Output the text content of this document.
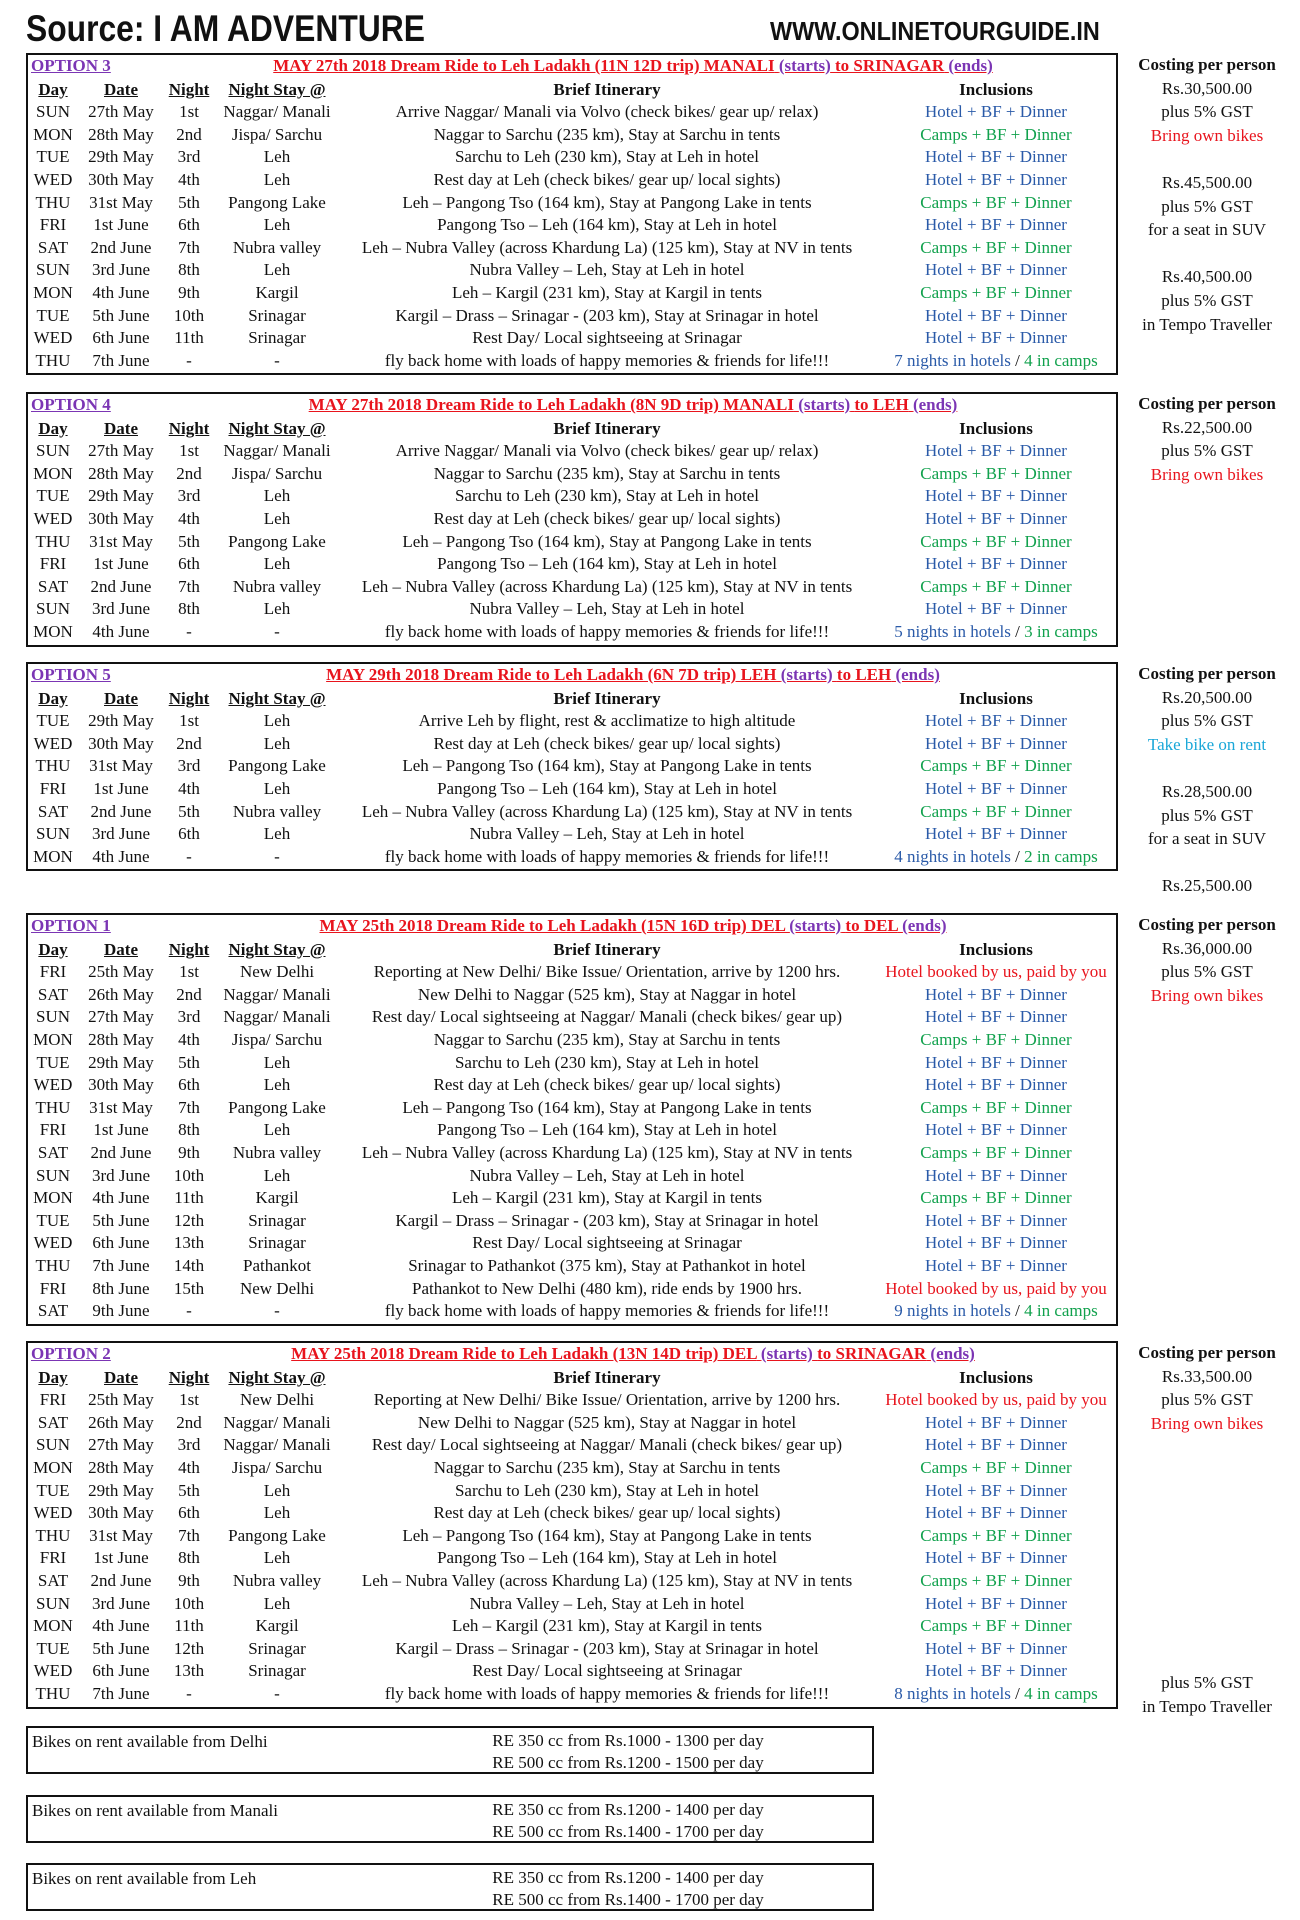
Source: I AM ADVENTURE	WWW.ONLINETOURGUIDE.IN
OPTION 3	MAY 27th 2018 Dream Ride to Leh Ladakh (11N 12D trip) MANALI (starts) to SRINAGAR (ends)
Day	Date	Night	Night Stay @	Brief Itinerary	Inclusions
SUN	27th May	1st	Naggar/ Manali	Arrive Naggar/ Manali via Volvo (check bikes/ gear up/ relax)	Hotel + BF + Dinner
MON 28th May	2nd	Jispa/ Sarchu	Naggar to Sarchu (235 km), Stay at Sarchu in tents	Camps + BF + Dinner
TUE	29th May	3rd	Leh	Sarchu to Leh (230 km), Stay at Leh in hotel	Hotel + BF + Dinner
WED 30th May	4th	Leh	Rest day at Leh (check bikes/ gear up/ local sights)	Hotel + BF + Dinner
THU	31st May	5th	Pangong Lake	Leh – Pangong Tso (164 km), Stay at Pangong Lake in tents	Camps + BF + Dinner
FRI	1st June	6th	Leh	Pangong Tso – Leh (164 km), Stay at Leh in hotel	Hotel + BF + Dinner
SAT	2nd June	7th	Nubra valley	Leh – Nubra Valley (across Khardung La) (125 km), Stay at NV in tents	Camps + BF + Dinner
SUN	3rd June	8th	Leh	Nubra Valley – Leh, Stay at Leh in hotel	Hotel + BF + Dinner
MON	4th June	9th	Kargil	Leh – Kargil (231 km), Stay at Kargil in tents	Camps + BF + Dinner
TUE	5th June	10th	Srinagar	Kargil – Drass – Srinagar - (203 km), Stay at Srinagar in hotel	Hotel + BF + Dinner
WED	6th June	11th	Srinagar	Rest Day/ Local sightseeing at Srinagar	Hotel + BF + Dinner
THU	7th June	-	-	fly back home with loads of happy memories & friends for life!!!	7 nights in hotels / 4 in camps
Costing per person
Rs.30,500.00
plus 5% GST
Bring own bikes
Rs.45,500.00
plus 5% GST
for a seat in SUV
Rs.40,500.00
plus 5% GST
in Tempo Traveller
OPTION 4	MAY 27th 2018 Dream Ride to Leh Ladakh (8N 9D trip) MANALI (starts) to LEH (ends)
Day	Date	Night	Night Stay @	Brief Itinerary	Inclusions
SUN	27th May	1st	Naggar/ Manali	Arrive Naggar/ Manali via Volvo (check bikes/ gear up/ relax)	Hotel + BF + Dinner
MON 28th May	2nd	Jispa/ Sarchu	Naggar to Sarchu (235 km), Stay at Sarchu in tents	Camps + BF + Dinner
TUE	29th May	3rd	Leh	Sarchu to Leh (230 km), Stay at Leh in hotel	Hotel + BF + Dinner
WED 30th May	4th	Leh	Rest day at Leh (check bikes/ gear up/ local sights)	Hotel + BF + Dinner
THU	31st May	5th	Pangong Lake	Leh – Pangong Tso (164 km), Stay at Pangong Lake in tents	Camps + BF + Dinner
FRI	1st June	6th	Leh	Pangong Tso – Leh (164 km), Stay at Leh in hotel	Hotel + BF + Dinner
SAT	2nd June	7th	Nubra valley	Leh – Nubra Valley (across Khardung La) (125 km), Stay at NV in tents	Camps + BF + Dinner
SUN	3rd June	8th	Leh	Nubra Valley – Leh, Stay at Leh in hotel	Hotel + BF + Dinner
MON	4th June	-	-	fly back home with loads of happy memories & friends for life!!!	5 nights in hotels / 3 in camps
Costing per person
Rs.22,500.00
plus 5% GST
Bring own bikes
OPTION 5	MAY 29th 2018 Dream Ride to Leh Ladakh (6N 7D trip) LEH (starts) to LEH (ends)
Day	Date	Night	Night Stay @	Brief Itinerary	Inclusions
TUE	29th May	1st	Leh	Arrive Leh by flight, rest & acclimatize to high altitude	Hotel + BF + Dinner
WED 30th May	2nd	Leh	Rest day at Leh (check bikes/ gear up/ local sights)	Hotel + BF + Dinner
THU	31st May	3rd	Pangong Lake	Leh – Pangong Tso (164 km), Stay at Pangong Lake in tents	Camps + BF + Dinner
FRI	1st June	4th	Leh	Pangong Tso – Leh (164 km), Stay at Leh in hotel	Hotel + BF + Dinner
SAT	2nd June	5th	Nubra valley	Leh – Nubra Valley (across Khardung La) (125 km), Stay at NV in tents	Camps + BF + Dinner
SUN	3rd June	6th	Leh	Nubra Valley – Leh, Stay at Leh in hotel	Hotel + BF + Dinner
MON	4th June	-	-	fly back home with loads of happy memories & friends for life!!!	4 nights in hotels / 2 in camps
Costing per person
Rs.20,500.00
plus 5% GST
Take bike on rent
Rs.28,500.00
plus 5% GST
for a seat in SUV
Rs.25,500.00
OPTION 1	MAY 25th 2018 Dream Ride to Leh Ladakh (15N 16D trip) DEL (starts) to DEL (ends)
Day	Date	Night	Night Stay @	Brief Itinerary	Inclusions
FRI	25th May	1st	New Delhi	Reporting at New Delhi/ Bike Issue/ Orientation, arrive by 1200 hrs.	Hotel booked by us, paid by you
SAT	26th May	2nd	Naggar/ Manali	New Delhi to Naggar (525 km), Stay at Naggar in hotel	Hotel + BF + Dinner
SUN	27th May	3rd	Naggar/ Manali	Rest day/ Local sightseeing at Naggar/ Manali (check bikes/ gear up)	Hotel + BF + Dinner
MON 28th May	4th	Jispa/ Sarchu	Naggar to Sarchu (235 km), Stay at Sarchu in tents	Camps + BF + Dinner
TUE	29th May	5th	Leh	Sarchu to Leh (230 km), Stay at Leh in hotel	Hotel + BF + Dinner
WED 30th May	6th	Leh	Rest day at Leh (check bikes/ gear up/ local sights)	Hotel + BF + Dinner
THU	31st May	7th	Pangong Lake	Leh – Pangong Tso (164 km), Stay at Pangong Lake in tents	Camps + BF + Dinner
FRI	1st June	8th	Leh	Pangong Tso – Leh (164 km), Stay at Leh in hotel	Hotel + BF + Dinner
SAT	2nd June	9th	Nubra valley	Leh – Nubra Valley (across Khardung La) (125 km), Stay at NV in tents	Camps + BF + Dinner
SUN	3rd June	10th	Leh	Nubra Valley – Leh, Stay at Leh in hotel	Hotel + BF + Dinner
MON	4th June	11th	Kargil	Leh – Kargil (231 km), Stay at Kargil in tents	Camps + BF + Dinner
TUE	5th June	12th	Srinagar	Kargil – Drass – Srinagar - (203 km), Stay at Srinagar in hotel	Hotel + BF + Dinner
WED	6th June	13th	Srinagar	Rest Day/ Local sightseeing at Srinagar	Hotel + BF + Dinner
THU	7th June	14th	Pathankot	Srinagar to Pathankot (375 km), Stay at Pathankot in hotel	Hotel + BF + Dinner
FRI	8th June	15th	New Delhi	Pathankot to New Delhi (480 km), ride ends by 1900 hrs.	Hotel booked by us, paid by you
SAT	9th June	-	-	fly back home with loads of happy memories & friends for life!!!	9 nights in hotels / 4 in camps
Costing per person
Rs.36,000.00
plus 5% GST
Bring own bikes
OPTION 2	MAY 25th 2018 Dream Ride to Leh Ladakh (13N 14D trip) DEL (starts) to SRINAGAR (ends)
Day	Date	Night	Night Stay @	Brief Itinerary	Inclusions
FRI	25th May	1st	New Delhi	Reporting at New Delhi/ Bike Issue/ Orientation, arrive by 1200 hrs.	Hotel booked by us, paid by you
SAT	26th May	2nd	Naggar/ Manali	New Delhi to Naggar (525 km), Stay at Naggar in hotel	Hotel + BF + Dinner
SUN	27th May	3rd	Naggar/ Manali	Rest day/ Local sightseeing at Naggar/ Manali (check bikes/ gear up)	Hotel + BF + Dinner
MON 28th May	4th	Jispa/ Sarchu	Naggar to Sarchu (235 km), Stay at Sarchu in tents	Camps + BF + Dinner
TUE	29th May	5th	Leh	Sarchu to Leh (230 km), Stay at Leh in hotel	Hotel + BF + Dinner
WED 30th May	6th	Leh	Rest day at Leh (check bikes/ gear up/ local sights)	Hotel + BF + Dinner
THU	31st May	7th	Pangong Lake	Leh – Pangong Tso (164 km), Stay at Pangong Lake in tents	Camps + BF + Dinner
FRI	1st June	8th	Leh	Pangong Tso – Leh (164 km), Stay at Leh in hotel	Hotel + BF + Dinner
SAT	2nd June	9th	Nubra valley	Leh – Nubra Valley (across Khardung La) (125 km), Stay at NV in tents	Camps + BF + Dinner
SUN	3rd June	10th	Leh	Nubra Valley – Leh, Stay at Leh in hotel	Hotel + BF + Dinner
MON	4th June	11th	Kargil	Leh – Kargil (231 km), Stay at Kargil in tents	Camps + BF + Dinner
TUE	5th June	12th	Srinagar	Kargil – Drass – Srinagar - (203 km), Stay at Srinagar in hotel	Hotel + BF + Dinner
WED	6th June	13th	Srinagar	Rest Day/ Local sightseeing at Srinagar	Hotel + BF + Dinner
THU	7th June	-	-	fly back home with loads of happy memories & friends for life!!!	8 nights in hotels / 4 in camps
Costing per person
Rs.33,500.00
plus 5% GST
Bring own bikes
plus 5% GST
in Tempo Traveller
Bikes on rent available from Delhi	RE 350 cc from Rs.1000 - 1300 per day
RE 500 cc from Rs.1200 - 1500 per day
Bikes on rent available from Manali	RE 350 cc from Rs.1200 - 1400 per day
RE 500 cc from Rs.1400 - 1700 per day
Bikes on rent available from Leh	RE 350 cc from Rs.1200 - 1400 per day
RE 500 cc from Rs.1400 - 1700 per day
